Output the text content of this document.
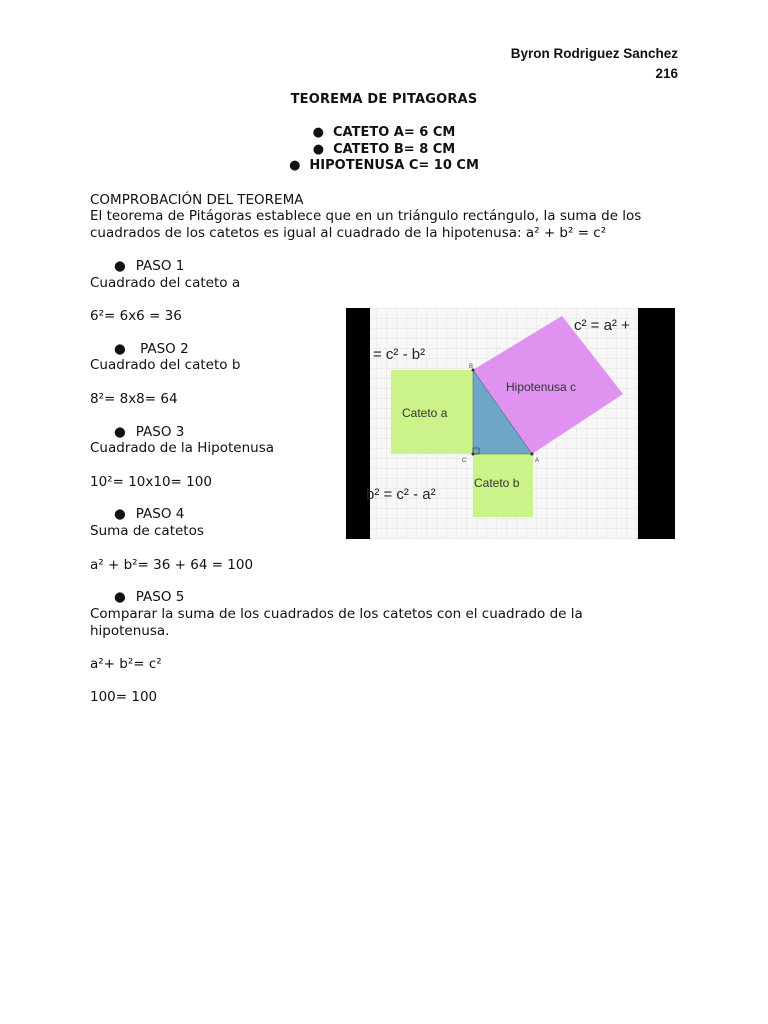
Byron Rodriguez Sanchez
216
TEOREMA DE PITAGORAS
● CATETO A= 6 CM
● CATETO B= 8 CM
● HIPOTENUSA C= 10 CM
COMPROBACIÓN DEL TEOREMA
El teorema de Pitágoras establece que en un triángulo rectángulo, la suma de los
cuadrados de los catetos es igual al cuadrado de la hipotenusa: a² + b² = c²
● PASO 1
Cuadrado del cateto a
6²= 6x6 = 36
● PASO 2
Cuadrado del cateto b
8²= 8x8= 64
● PASO 3
Cuadrado de la Hipotenusa
10²= 10x10= 100
● PASO 4
Suma de catetos
a² + b²= 36 + 64 = 100
● PASO 5
Comparar la suma de los cuadrados de los catetos con el cuadrado de la
hipotenusa.
a²+ b²= c²
100= 100
c² = a² +
= c² - b²
b² = c² - a²
Cateto a
Cateto b
Hipotenusa c
C	A
B
